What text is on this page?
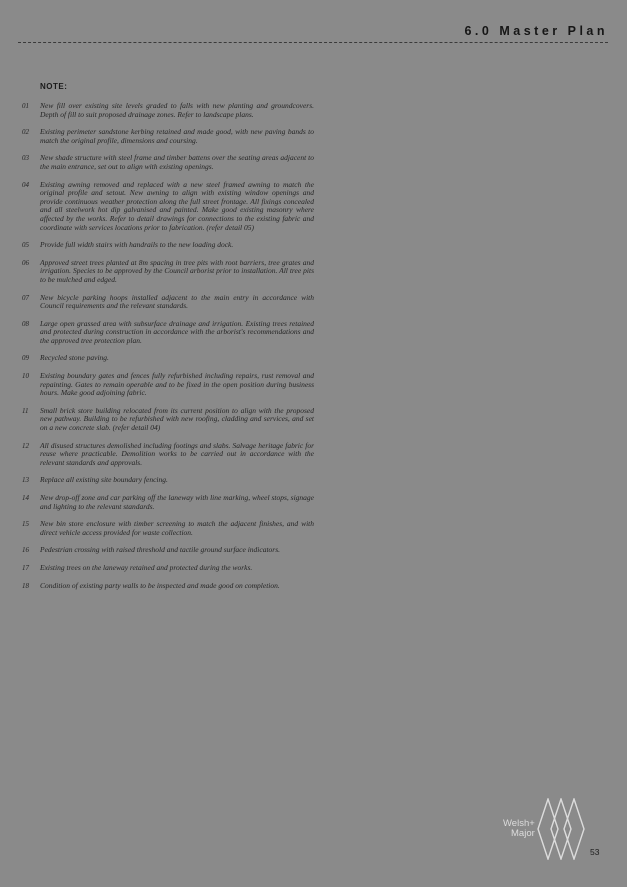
6.0 Master Plan
NOTE:
01	New fill over existing site levels graded to falls with new planting and groundcovers. Depth of fill to suit proposed drainage zones. Refer to landscape plans.
02	Existing perimeter sandstone kerbing retained and made good, with new paving bands to match the original profile, dimensions and coursing.
03	New shade structure with steel frame and timber battens over the seating areas adjacent to the main entrance, set out to align with existing openings.
04	Existing awning removed and replaced with a new steel framed awning to match the original profile and setout. New awning to align with existing window openings and provide continuous weather protection along the full street frontage. All fixings concealed and all steelwork hot dip galvanised and painted. Make good existing masonry where affected by the works. Refer to detail drawings for connections to the existing fabric and coordinate with services locations prior to fabrication. (refer detail 05)
05	Provide full width stairs with handrails to the new loading dock.
06	Approved street trees planted at 8m spacing in tree pits with root barriers, tree grates and irrigation. Species to be approved by the Council arborist prior to installation. All tree pits to be mulched and edged.
07	New bicycle parking hoops installed adjacent to the main entry in accordance with Council requirements and the relevant standards.
08	Large open grassed area with subsurface drainage and irrigation. Existing trees retained and protected during construction in accordance with the arborist's recommendations and the approved tree protection plan.
09	Recycled stone paving.
10	Existing boundary gates and fences fully refurbished including repairs, rust removal and repainting. Gates to remain operable and to be fixed in the open position during business hours. Make good adjoining fabric.
11	Small brick store building relocated from its current position to align with the proposed new pathway. Building to be refurbished with new roofing, cladding and services, and set on a new concrete slab. (refer detail 04)
12	All disused structures demolished including footings and slabs. Salvage heritage fabric for reuse where practicable. Demolition works to be carried out in accordance with the relevant standards and approvals.
13	Replace all existing site boundary fencing.
14	New drop-off zone and car parking off the laneway with line marking, wheel stops, signage and lighting to the relevant standards.
15	New bin store enclosure with timber screening to match the adjacent finishes, and with direct vehicle access provided for waste collection.
16	Pedestrian crossing with raised threshold and tactile ground surface indicators.
17	Existing trees on the laneway retained and protected during the works.
18	Condition of existing party walls to be inspected and made good on completion.
Welsh+
Major
53
